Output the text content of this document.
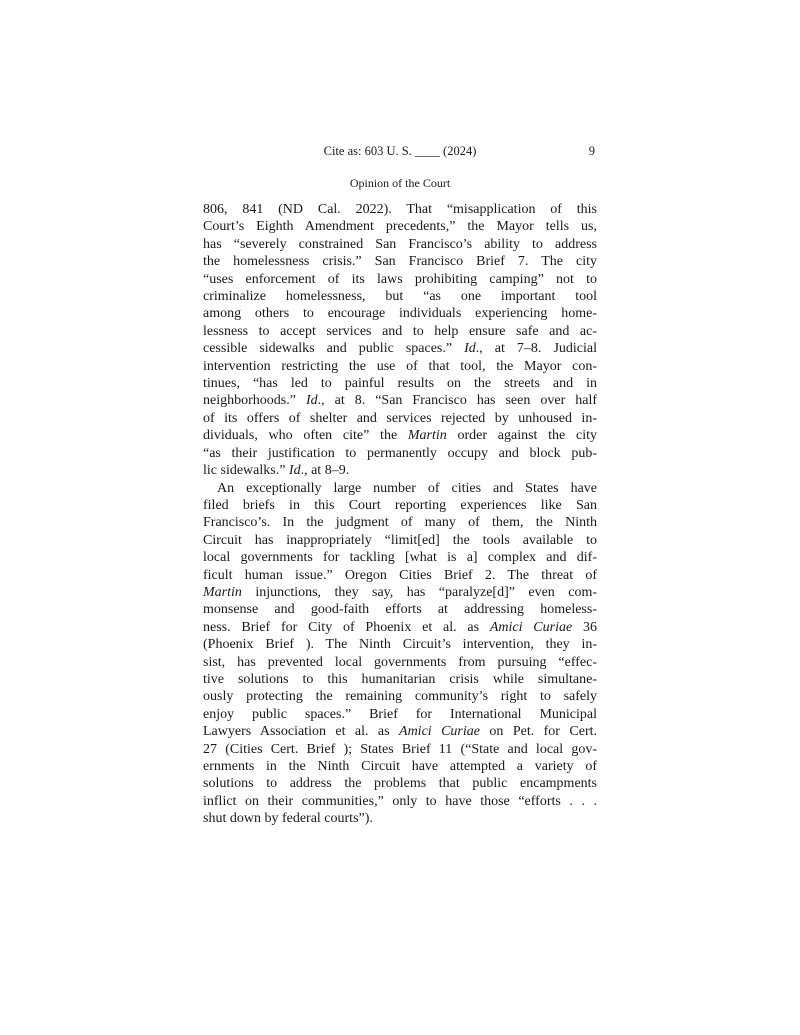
Cite as: 603 U. S. ____ (2024)	9
Opinion of the Court
806, 841 (ND Cal. 2022). That “misapplication of this
Court’s Eighth Amendment precedents,” the Mayor tells us,
has “severely constrained San Francisco’s ability to address
the homelessness crisis.” San Francisco Brief 7. The city
“uses enforcement of its laws prohibiting camping” not to
criminalize homelessness, but “as one important tool
among others to encourage individuals experiencing home-
lessness to accept services and to help ensure safe and ac-
cessible sidewalks and public spaces.” Id., at 7–8. Judicial
intervention restricting the use of that tool, the Mayor con-
tinues, “has led to painful results on the streets and in
neighborhoods.” Id., at 8. “San Francisco has seen over half
of its offers of shelter and services rejected by unhoused in-
dividuals, who often cite” the Martin order against the city
“as their justification to permanently occupy and block pub-
lic sidewalks.” Id., at 8–9.
An exceptionally large number of cities and States have
filed briefs in this Court reporting experiences like San
Francisco’s. In the judgment of many of them, the Ninth
Circuit has inappropriately “limit[ed] the tools available to
local governments for tackling [what is a] complex and dif-
ficult human issue.” Oregon Cities Brief 2. The threat of
Martin injunctions, they say, has “paralyze[d]” even com-
monsense and good-faith efforts at addressing homeless-
ness. Brief for City of Phoenix et al. as Amici Curiae 36
(Phoenix Brief ). The Ninth Circuit’s intervention, they in-
sist, has prevented local governments from pursuing “effec-
tive solutions to this humanitarian crisis while simultane-
ously protecting the remaining community’s right to safely
enjoy public spaces.” Brief for International Municipal
Lawyers Association et al. as Amici Curiae on Pet. for Cert.
27 (Cities Cert. Brief ); States Brief 11 (“State and local gov-
ernments in the Ninth Circuit have attempted a variety of
solutions to address the problems that public encampments
inflict on their communities,” only to have those “efforts . . .
shut down by federal courts”).
